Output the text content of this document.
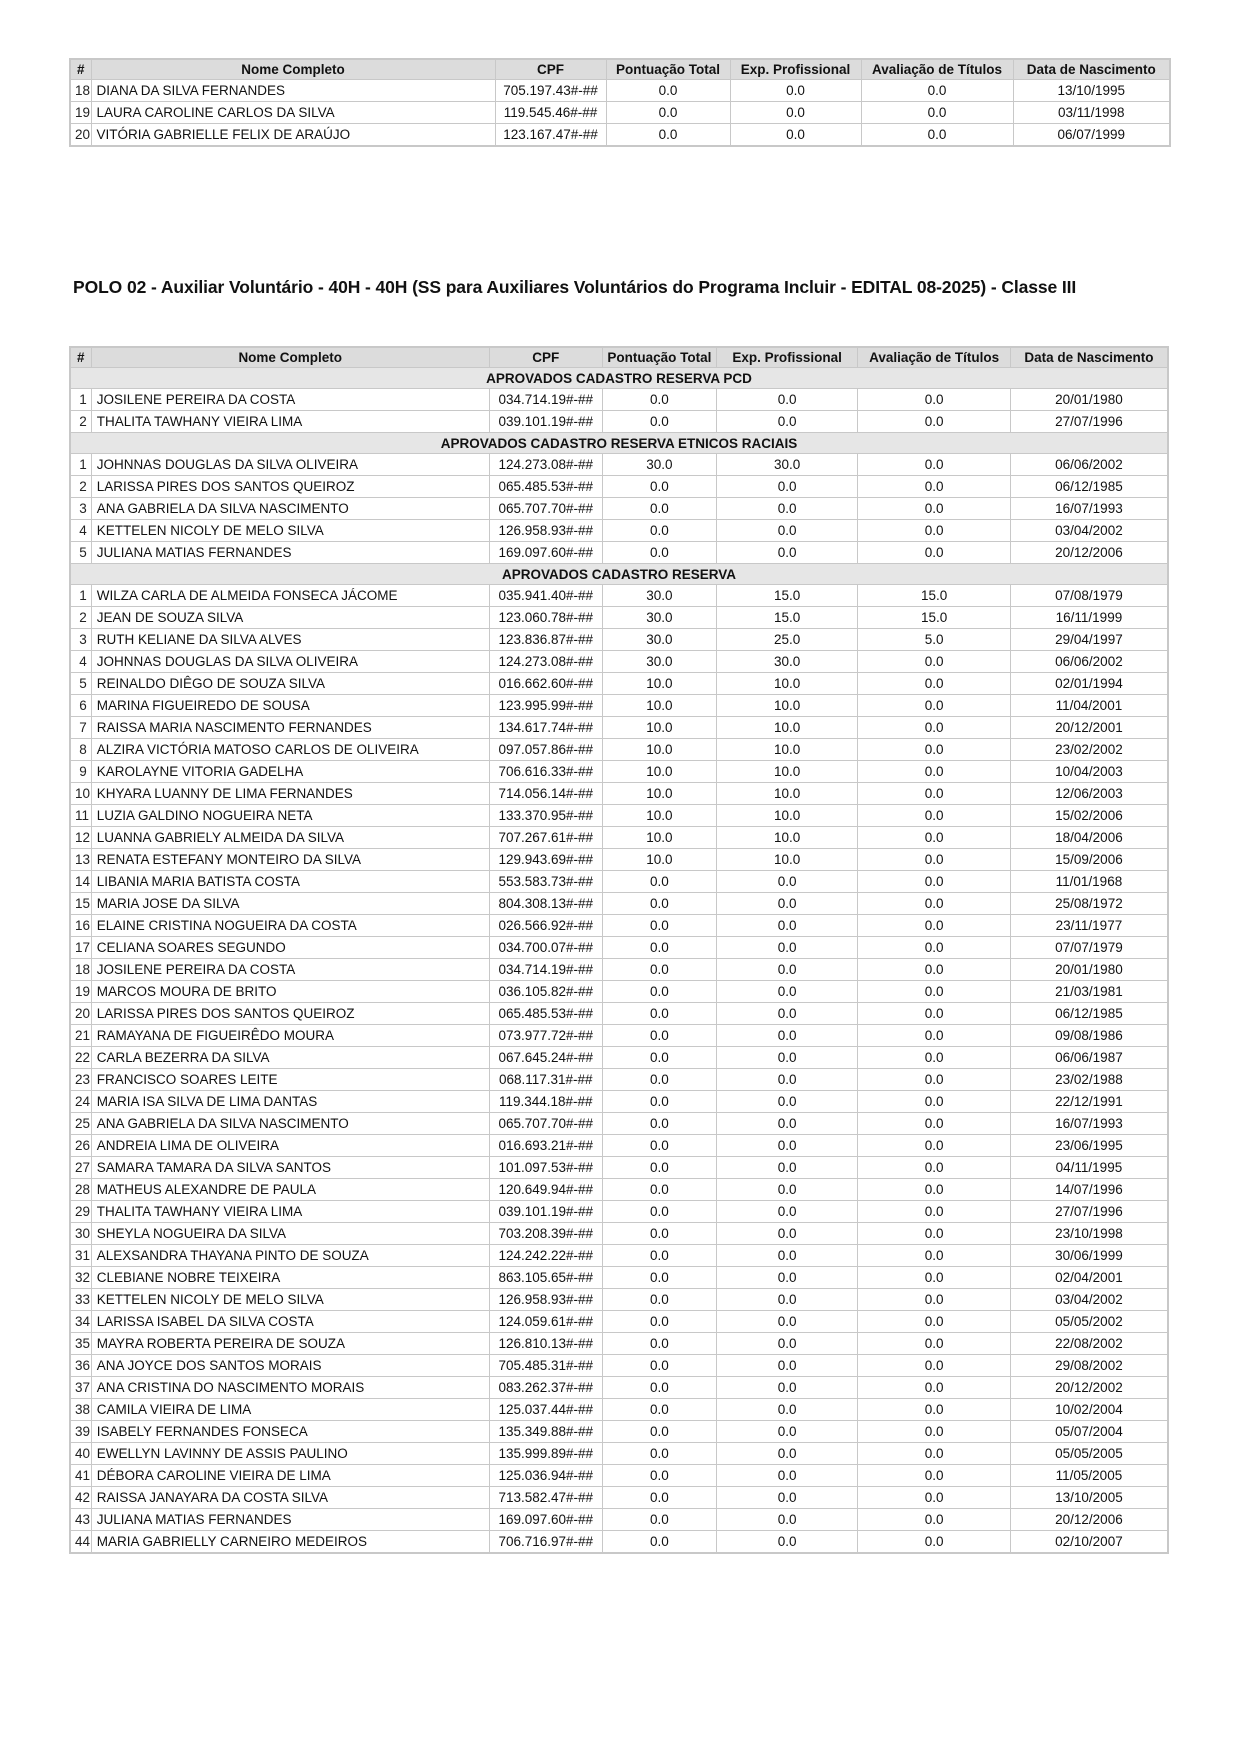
#	Nome Completo	CPF	Pontuação Total	Exp. Profissional	Avaliação de Títulos	Data de Nascimento
18	DIANA DA SILVA FERNANDES	705.197.43#-##	0.0	0.0	0.0	13/10/1995
19	LAURA CAROLINE CARLOS DA SILVA	119.545.46#-##	0.0	0.0	0.0	03/11/1998
20	VITÓRIA GABRIELLE FELIX DE ARAÚJO	123.167.47#-##	0.0	0.0	0.0	06/07/1999
POLO 02 - Auxiliar Voluntário - 40H - 40H (SS para Auxiliares Voluntários do Programa Incluir - EDITAL 08-2025) - Classe III
#	Nome Completo	CPF	Pontuação Total	Exp. Profissional	Avaliação de Títulos	Data de Nascimento
APROVADOS CADASTRO RESERVA PCD						
1	JOSILENE PEREIRA DA COSTA	034.714.19#-##	0.0	0.0	0.0	20/01/1980
2	THALITA TAWHANY VIEIRA LIMA	039.101.19#-##	0.0	0.0	0.0	27/07/1996
APROVADOS CADASTRO RESERVA ETNICOS RACIAIS						
1	JOHNNAS DOUGLAS DA SILVA OLIVEIRA	124.273.08#-##	30.0	30.0	0.0	06/06/2002
2	LARISSA PIRES DOS SANTOS QUEIROZ	065.485.53#-##	0.0	0.0	0.0	06/12/1985
3	ANA GABRIELA DA SILVA NASCIMENTO	065.707.70#-##	0.0	0.0	0.0	16/07/1993
4	KETTELEN NICOLY DE MELO SILVA	126.958.93#-##	0.0	0.0	0.0	03/04/2002
5	JULIANA MATIAS FERNANDES	169.097.60#-##	0.0	0.0	0.0	20/12/2006
APROVADOS CADASTRO RESERVA						
1	WILZA CARLA DE ALMEIDA FONSECA JÁCOME	035.941.40#-##	30.0	15.0	15.0	07/08/1979
2	JEAN DE SOUZA SILVA	123.060.78#-##	30.0	15.0	15.0	16/11/1999
3	RUTH KELIANE DA SILVA ALVES	123.836.87#-##	30.0	25.0	5.0	29/04/1997
4	JOHNNAS DOUGLAS DA SILVA OLIVEIRA	124.273.08#-##	30.0	30.0	0.0	06/06/2002
5	REINALDO DIÊGO DE SOUZA SILVA	016.662.60#-##	10.0	10.0	0.0	02/01/1994
6	MARINA FIGUEIREDO DE SOUSA	123.995.99#-##	10.0	10.0	0.0	11/04/2001
7	RAISSA MARIA NASCIMENTO FERNANDES	134.617.74#-##	10.0	10.0	0.0	20/12/2001
8	ALZIRA VICTÓRIA MATOSO CARLOS DE OLIVEIRA	097.057.86#-##	10.0	10.0	0.0	23/02/2002
9	KAROLAYNE VITORIA GADELHA	706.616.33#-##	10.0	10.0	0.0	10/04/2003
10	KHYARA LUANNY DE LIMA FERNANDES	714.056.14#-##	10.0	10.0	0.0	12/06/2003
11	LUZIA GALDINO NOGUEIRA NETA	133.370.95#-##	10.0	10.0	0.0	15/02/2006
12	LUANNA GABRIELY ALMEIDA DA SILVA	707.267.61#-##	10.0	10.0	0.0	18/04/2006
13	RENATA ESTEFANY MONTEIRO DA SILVA	129.943.69#-##	10.0	10.0	0.0	15/09/2006
14	LIBANIA MARIA BATISTA COSTA	553.583.73#-##	0.0	0.0	0.0	11/01/1968
15	MARIA JOSE DA SILVA	804.308.13#-##	0.0	0.0	0.0	25/08/1972
16	ELAINE CRISTINA NOGUEIRA DA COSTA	026.566.92#-##	0.0	0.0	0.0	23/11/1977
17	CELIANA SOARES SEGUNDO	034.700.07#-##	0.0	0.0	0.0	07/07/1979
18	JOSILENE PEREIRA DA COSTA	034.714.19#-##	0.0	0.0	0.0	20/01/1980
19	MARCOS MOURA DE BRITO	036.105.82#-##	0.0	0.0	0.0	21/03/1981
20	LARISSA PIRES DOS SANTOS QUEIROZ	065.485.53#-##	0.0	0.0	0.0	06/12/1985
21	RAMAYANA DE FIGUEIRÊDO MOURA	073.977.72#-##	0.0	0.0	0.0	09/08/1986
22	CARLA BEZERRA DA SILVA	067.645.24#-##	0.0	0.0	0.0	06/06/1987
23	FRANCISCO SOARES LEITE	068.117.31#-##	0.0	0.0	0.0	23/02/1988
24	MARIA ISA SILVA DE LIMA DANTAS	119.344.18#-##	0.0	0.0	0.0	22/12/1991
25	ANA GABRIELA DA SILVA NASCIMENTO	065.707.70#-##	0.0	0.0	0.0	16/07/1993
26	ANDREIA LIMA DE OLIVEIRA	016.693.21#-##	0.0	0.0	0.0	23/06/1995
27	SAMARA TAMARA DA SILVA SANTOS	101.097.53#-##	0.0	0.0	0.0	04/11/1995
28	MATHEUS ALEXANDRE DE PAULA	120.649.94#-##	0.0	0.0	0.0	14/07/1996
29	THALITA TAWHANY VIEIRA LIMA	039.101.19#-##	0.0	0.0	0.0	27/07/1996
30	SHEYLA NOGUEIRA DA SILVA	703.208.39#-##	0.0	0.0	0.0	23/10/1998
31	ALEXSANDRA THAYANA PINTO DE SOUZA	124.242.22#-##	0.0	0.0	0.0	30/06/1999
32	CLEBIANE NOBRE TEIXEIRA	863.105.65#-##	0.0	0.0	0.0	02/04/2001
33	KETTELEN NICOLY DE MELO SILVA	126.958.93#-##	0.0	0.0	0.0	03/04/2002
34	LARISSA ISABEL DA SILVA COSTA	124.059.61#-##	0.0	0.0	0.0	05/05/2002
35	MAYRA ROBERTA PEREIRA DE SOUZA	126.810.13#-##	0.0	0.0	0.0	22/08/2002
36	ANA JOYCE DOS SANTOS MORAIS	705.485.31#-##	0.0	0.0	0.0	29/08/2002
37	ANA CRISTINA DO NASCIMENTO MORAIS	083.262.37#-##	0.0	0.0	0.0	20/12/2002
38	CAMILA VIEIRA DE LIMA	125.037.44#-##	0.0	0.0	0.0	10/02/2004
39	ISABELY FERNANDES FONSECA	135.349.88#-##	0.0	0.0	0.0	05/07/2004
40	EWELLYN LAVINNY DE ASSIS PAULINO	135.999.89#-##	0.0	0.0	0.0	05/05/2005
41	DÉBORA CAROLINE VIEIRA DE LIMA	125.036.94#-##	0.0	0.0	0.0	11/05/2005
42	RAISSA JANAYARA DA COSTA SILVA	713.582.47#-##	0.0	0.0	0.0	13/10/2005
43	JULIANA MATIAS FERNANDES	169.097.60#-##	0.0	0.0	0.0	20/12/2006
44	MARIA GABRIELLY CARNEIRO MEDEIROS	706.716.97#-##	0.0	0.0	0.0	02/10/2007
